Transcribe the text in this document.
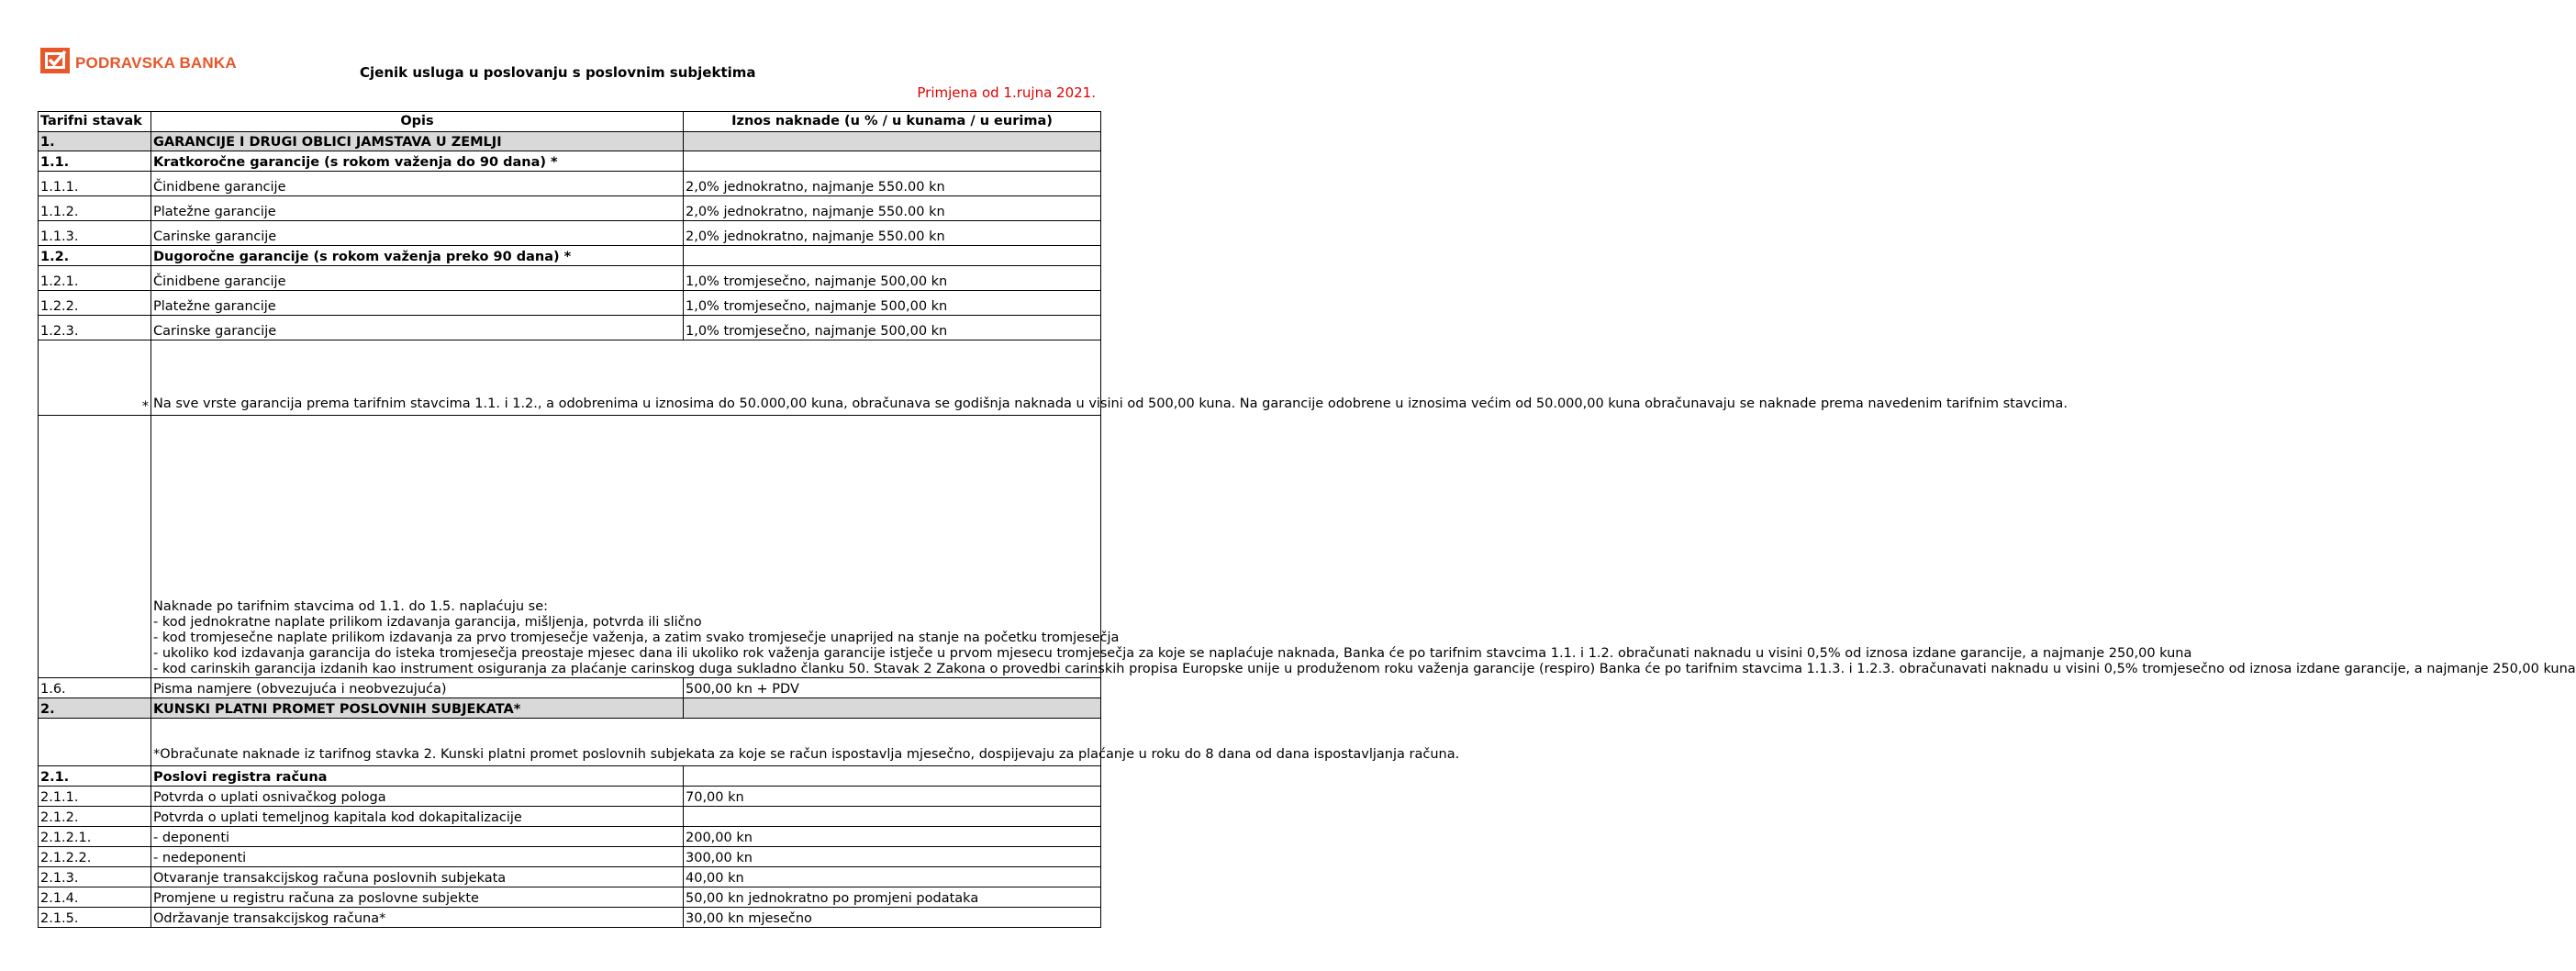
PODRAVSKA BANKA
Cjenik usluga u poslovanju s poslovnim subjektima
Primjena od 1.rujna 2021.
Tarifni stavak	Opis	Iznos naknade (u % / u kunama / u eurima)
1.	GARANCIJE I DRUGI OBLICI JAMSTAVA U ZEMLJI	
1.1.	Kratkoročne garancije (s rokom važenja do 90 dana) *	
1.1.1.	Činidbene garancije	2,0% jednokratno, najmanje 550.00 kn
1.1.2.	Platežne garancije	2,0% jednokratno, najmanje 550.00 kn
1.1.3.	Carinske garancije	2,0% jednokratno, najmanje 550.00 kn
1.2.	Dugoročne garancije (s rokom važenja preko 90 dana) *	
1.2.1.	Činidbene garancije	1,0% tromjesečno, najmanje 500,00 kn
1.2.2.	Platežne garancije	1,0% tromjesečno, najmanje 500,00 kn
1.2.3.	Carinske garancije	1,0% tromjesečno, najmanje 500,00 kn
*	Na sve vrste garancija prema tarifnim stavcima 1.1. i 1.2., a odobrenima u iznosima do 50.000,00 kuna, obračunava se godišnja naknada u visini od 500,00 kuna. Na garancije odobrene u iznosima većim od 50.000,00 kuna obračunavaju se naknade prema navedenim tarifnim stavcima.	

	Naknade po tarifnim stavcima od 1.1. do 1.5. naplaćuju se:
- kod jednokratne naplate prilikom izdavanja garancija, mišljenja, potvrda ili slično
- kod tromjesečne naplate prilikom izdavanja za prvo tromjesečje važenja, a zatim svako tromjesečje unaprijed na stanje na početku tromjesečja
- ukoliko kod izdavanja garancija do isteka tromjesečja preostaje mjesec dana ili ukoliko rok važenja garancije istječe u prvom mjesecu tromjesečja za koje se naplaćuje naknada, Banka će po tarifnim stavcima 1.1. i 1.2. obračunati naknadu u visini 0,5% od iznosa izdane garancije, a najmanje 250,00 kuna
- kod carinskih garancija izdanih kao instrument osiguranja za plaćanje carinskog duga sukladno članku 50. Stavak 2 Zakona o provedbi carinskih propisa Europske unije u produženom roku važenja garancije (respiro) Banka će po tarifnim stavcima 1.1.3. i 1.2.3. obračunavati naknadu u visini 0,5% tromjesečno od iznosa izdane garancije, a najmanje 250,00 kuna	

1.6.	Pisma namjere (obvezujuća i neobvezujuća)	500,00 kn + PDV
2.	KUNSKI PLATNI PROMET POSLOVNIH SUBJEKATA*	
	*Obračunate naknade iz tarifnog stavka 2. Kunski platni promet poslovnih subjekata za koje se račun ispostavlja mjesečno, dospijevaju za plaćanje u roku do 8 dana od dana ispostavljanja računa.	
2.1.	Poslovi registra računa	
2.1.1.	Potvrda o uplati osnivačkog pologa	70,00 kn
2.1.2.	Potvrda o uplati temeljnog kapitala kod dokapitalizacije	
2.1.2.1.	- deponenti	200,00 kn
2.1.2.2.	- nedeponenti	300,00 kn
2.1.3.	Otvaranje transakcijskog računa poslovnih subjekata	40,00 kn
2.1.4.	Promjene u registru računa za poslovne subjekte	50,00 kn jednokratno po promjeni podataka
2.1.5.	Održavanje transakcijskog računa*	30,00 kn mjesečno
